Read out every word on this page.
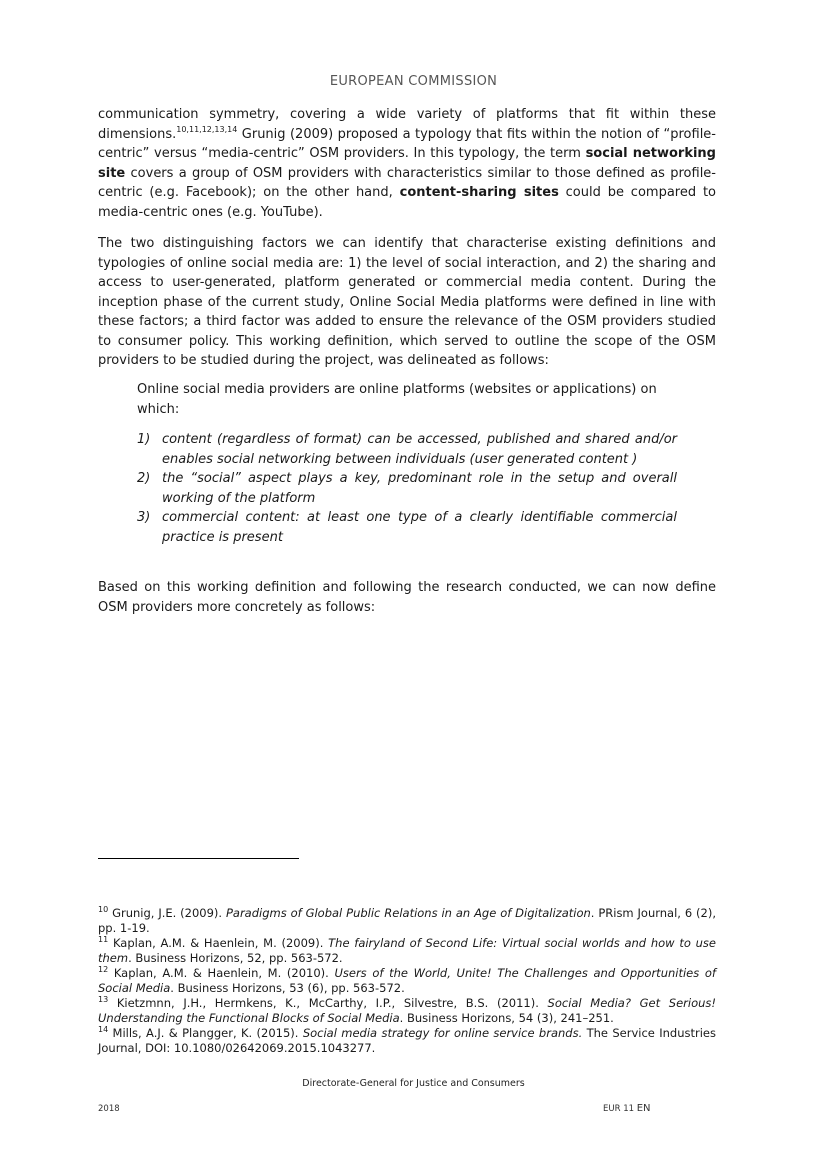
EUROPEAN COMMISSION

communication symmetry, covering a wide variety of platforms that fit within these dimensions.$^{10,11,12,13,14}$ Grunig (2009) proposed a typology that fits within the notion of “profile-centric” versus “media-centric” OSM providers. In this typology, the term social networking site covers a group of OSM providers with characteristics similar to those defined as profile-centric (e.g. Facebook); on the other hand, content-sharing sites could be compared to media-centric ones (e.g. YouTube).

The two distinguishing factors we can identify that characterise existing definitions and typologies of online social media are: 1) the level of social interaction, and 2) the sharing and access to user-generated, platform generated or commercial media content. During the inception phase of the current study, Online Social Media platforms were defined in line with these factors; a third factor was added to ensure the relevance of the OSM providers studied to consumer policy. This working definition, which served to outline the scope of the OSM providers to be studied during the project, was delineated as follows:

Online social media providers are online platforms (websites or applications) on which:

1) content (regardless of format) can be accessed, published and shared and/or enables social networking between individuals (user generated content )
2) the “social” aspect plays a key, predominant role in the setup and overall working of the platform
3) commercial content: at least one type of a clearly identifiable commercial practice is present

Based on this working definition and following the research conducted, we can now define OSM providers more concretely as follows:

$^{10}$ Grunig, J.E. (2009). Paradigms of Global Public Relations in an Age of Digitalization. PRism Journal, 6 (2), pp. 1-19.

$^{11}$ Kaplan, A.M. & Haenlein, M. (2009). The fairyland of Second Life: Virtual social worlds and how to use them. Business Horizons, 52, pp. 563-572.

$^{12}$ Kaplan, A.M. & Haenlein, M. (2010). Users of the World, Unite! The Challenges and Opportunities of Social Media. Business Horizons, 53 (6), pp. 563-572.

$^{13}$ Kietzmnn, J.H., Hermkens, K., McCarthy, I.P., Silvestre, B.S. (2011). Social Media? Get Serious! Understanding the Functional Blocks of Social Media. Business Horizons, 54 (3), 241–251.

$^{14}$ Mills, A.J. & Plangger, K. (2015). Social media strategy for online service brands. The Service Industries Journal, DOI: 10.1080/02642069.2015.1043277.

Directorate-General for Justice and Consumers
2018	EUR 11 EN
